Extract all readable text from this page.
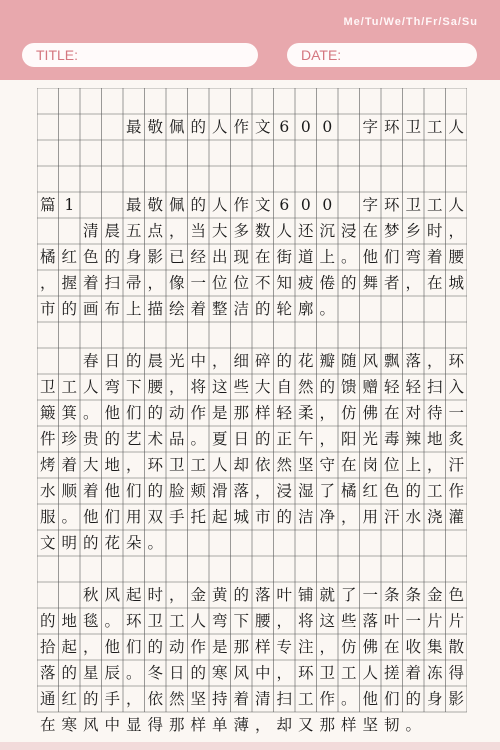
Me/Tu/We/Th/Fr/Sa/Su
TITLE:	DATE:
最 敬 佩 的 人 作 文 6 0 0	字 环 卫 工 人
篇 1	最 敬 佩 的 人 作 文 6 0 0	字 环 卫 工 人
清 晨 五 点 ， 当 大 多 数 人 还 沉 浸 在 梦 乡 时 ，
橘 红 色 的 身 影 已 经 出 现 在 街 道 上 。 他 们 弯 着 腰
， 握 着 扫 帚 ， 像 一 位 位 不 知 疲 倦 的 舞 者 ， 在 城
市 的 画 布 上 描 绘 着 整 洁 的 轮 廓 。
春 日 的 晨 光 中 ， 细 碎 的 花 瓣 随 风 飘 落 ， 环
卫 工 人 弯 下 腰 ， 将 这 些 大 自 然 的 馈 赠 轻 轻 扫 入
簸 箕 。 他 们 的 动 作 是 那 样 轻 柔 ， 仿 佛 在 对 待 一
件 珍 贵 的 艺 术 品 。 夏 日 的 正 午 ， 阳 光 毒 辣 地 炙
烤 着 大 地 ， 环 卫 工 人 却 依 然 坚 守 在 岗 位 上 ， 汗
水 顺 着 他 们 的 脸 颊 滑 落 ， 浸 湿 了 橘 红 色 的 工 作
服 。 他 们 用 双 手 托 起 城 市 的 洁 净 ， 用 汗 水 浇 灌
文 明 的 花 朵 。
秋 风 起 时 ， 金 黄 的 落 叶 铺 就 了 一 条 条 金 色
的 地 毯 。 环 卫 工 人 弯 下 腰 ， 将 这 些 落 叶 一 片 片
拾 起 ， 他 们 的 动 作 是 那 样 专 注 ， 仿 佛 在 收 集 散
落 的 星 辰 。 冬 日 的 寒 风 中 ， 环 卫 工 人 搓 着 冻 得
通 红 的 手 ， 依 然 坚 持 着 清 扫 工 作 。 他 们 的 身 影
在 寒 风 中 显 得 那 样 单 薄 ， 却 又 那 样 坚 韧 。
